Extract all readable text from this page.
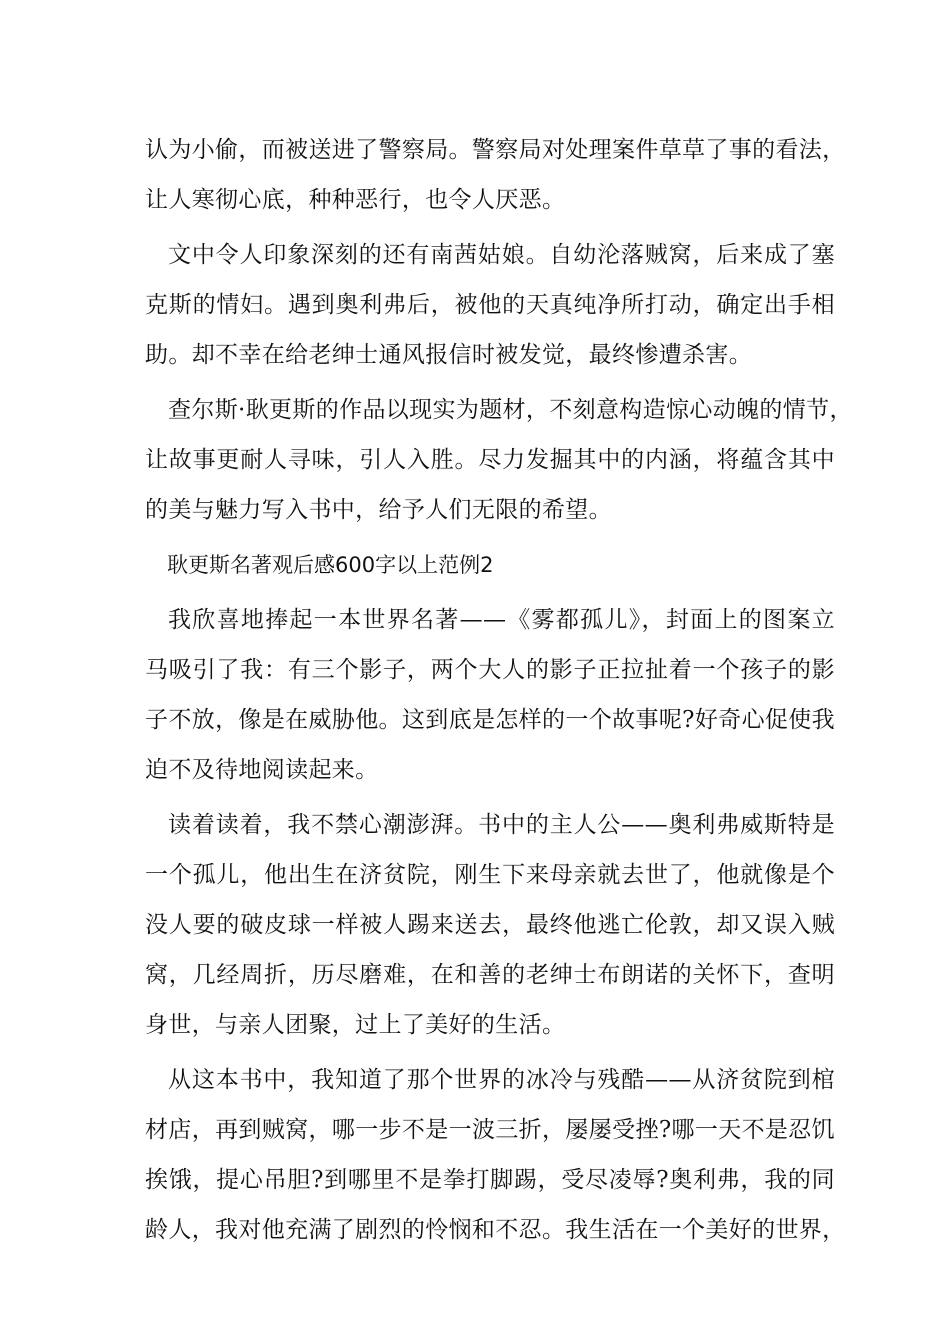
认为小偷，而被送进了警察局。警察局对处理案件草草了事的看法，
让人寒彻心底，种种恶行，也令人厌恶。
文中令人印象深刻的还有南茜姑娘。自幼沦落贼窝，后来成了塞
克斯的情妇。遇到奥利弗后，被他的天真纯净所打动，确定出手相
助。却不幸在给老绅士通风报信时被发觉，最终惨遭杀害。
查尔斯·耿更斯的作品以现实为题材，不刻意构造惊心动魄的情节，
让故事更耐人寻味，引人入胜。尽力发掘其中的内涵，将蕴含其中
的美与魅力写入书中，给予人们无限的希望。
耿更斯名著观后感600字以上范例2
我欣喜地捧起一本世界名著——《雾都孤儿》，封面上的图案立
马吸引了我：有三个影子，两个大人的影子正拉扯着一个孩子的影
子不放，像是在威胁他。这到底是怎样的一个故事呢?好奇心促使我
迫不及待地阅读起来。
读着读着，我不禁心潮澎湃。书中的主人公——奥利弗威斯特是
一个孤儿，他出生在济贫院，刚生下来母亲就去世了，他就像是个
没人要的破皮球一样被人踢来送去，最终他逃亡伦敦，却又误入贼
窝，几经周折，历尽磨难，在和善的老绅士布朗诺的关怀下，查明
身世，与亲人团聚，过上了美好的生活。
从这本书中，我知道了那个世界的冰冷与残酷——从济贫院到棺
材店，再到贼窝，哪一步不是一波三折，屡屡受挫?哪一天不是忍饥
挨饿，提心吊胆?到哪里不是拳打脚踢，受尽凌辱?奥利弗，我的同
龄人，我对他充满了剧烈的怜悯和不忍。我生活在一个美好的世界，
